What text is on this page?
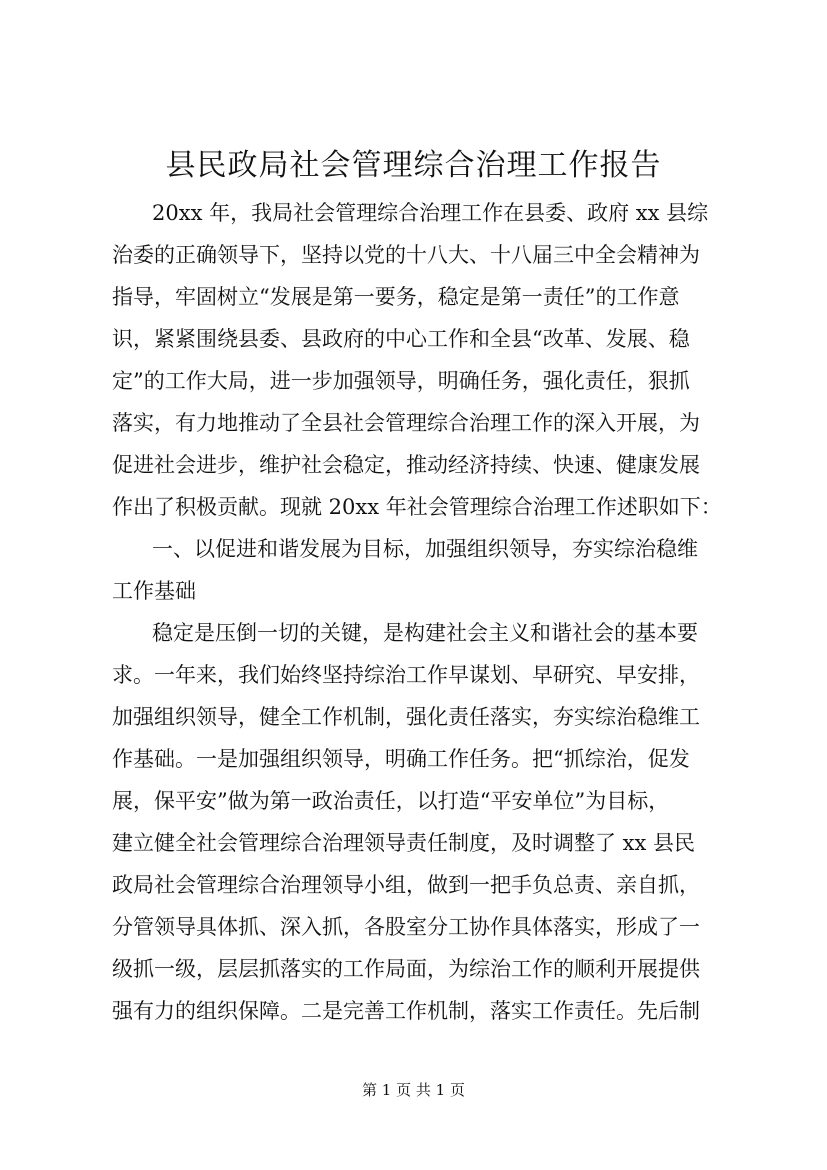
县民政局社会管理综合治理工作报告

20xx 年，我局社会管理综合治理工作在县委、政府 xx 县综

治委的正确领导下，坚持以党的十八大、十八届三中全会精神为

指导，牢固树立“发展是第一要务，稳定是第一责任”的工作意

识，紧紧围绕县委、县政府的中心工作和全县“改革、发展、稳

定”的工作大局，进一步加强领导，明确任务，强化责任，狠抓

落实，有力地推动了全县社会管理综合治理工作的深入开展，为

促进社会进步，维护社会稳定，推动经济持续、快速、健康发展

作出了积极贡献。现就 20xx 年社会管理综合治理工作述职如下：

一、以促进和谐发展为目标，加强组织领导，夯实综治稳维

工作基础

稳定是压倒一切的关键，是构建社会主义和谐社会的基本要

求。一年来，我们始终坚持综治工作早谋划、早研究、早安排，

加强组织领导，健全工作机制，强化责任落实，夯实综治稳维工

作基础。一是加强组织领导，明确工作任务。把“抓综治，促发

展，保平安”做为第一政治责任，以打造“平安单位”为目标，

建立健全社会管理综合治理领导责任制度，及时调整了 xx 县民

政局社会管理综合治理领导小组，做到一把手负总责、亲自抓，

分管领导具体抓、深入抓，各股室分工协作具体落实，形成了一

级抓一级，层层抓落实的工作局面，为综治工作的顺利开展提供

强有力的组织保障。二是完善工作机制，落实工作责任。先后制

第 1 页 共 1 页
